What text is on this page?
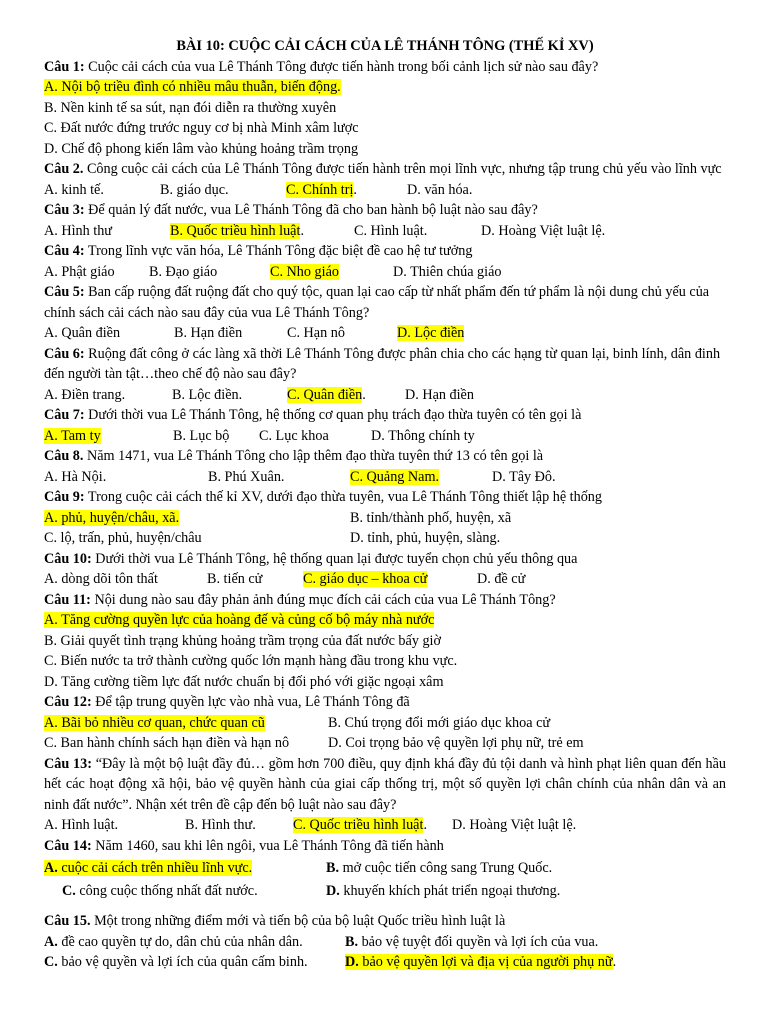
BÀI 10: CUỘC CẢI CÁCH CỦA LÊ THÁNH TÔNG (THẾ KỈ XV)
Câu 1: Cuộc cải cách của vua Lê Thánh Tông được tiến hành trong bối cảnh lịch sử nào sau đây?
A. Nội bộ triều đình có nhiều mâu thuẫn, biến động.
B. Nền kinh tế sa sút, nạn đói diễn ra thường xuyên
C. Đất nước đứng trước nguy cơ bị nhà Minh xâm lược
D. Chế độ phong kiến lâm vào khủng hoảng trầm trọng
Câu 2. Công cuộc cải cách của Lê Thánh Tông được tiến hành trên mọi lĩnh vực, nhưng tập trung chủ yếu vào lĩnh vực
A. kinh tế.	B. giáo dục.	C. Chính trị.	D. văn hóa.
Câu 3: Để quản lý đất nước, vua Lê Thánh Tông đã cho ban hành bộ luật nào sau đây?
A. Hình thư	B. Quốc triều hình luật.	C. Hình luật.	D. Hoàng Việt luật lệ.
Câu 4: Trong lĩnh vực văn hóa, Lê Thánh Tông đặc biệt đề cao hệ tư tưởng
A. Phật giáo	B. Đạo giáo	C. Nho giáo	D. Thiên chúa giáo
Câu 5: Ban cấp ruộng đất ruộng đất cho quý tộc, quan lại cao cấp từ nhất phẩm đến tứ phẩm là nội dung chủ yếu của chính sách cải cách nào sau đây của vua Lê Thánh Tông?
A. Quân điền	B. Hạn điền	C. Hạn nô	D. Lộc điền
Câu 6: Ruộng đất công ở các làng xã thời Lê Thánh Tông được phân chia cho các hạng từ quan lại, binh lính, dân đinh đến người tàn tật…theo chế độ nào sau đây?
A. Điền trang.	B. Lộc điền.	C. Quân điền.	D. Hạn điền
Câu 7: Dưới thời vua Lê Thánh Tông, hệ thống cơ quan phụ trách đạo thừa tuyên có tên gọi là
A. Tam ty	B. Lục bộ	C. Lục khoa	D. Thông chính ty
Câu 8. Năm 1471, vua Lê Thánh Tông cho lập thêm đạo thừa tuyên thứ 13 có tên gọi là
A. Hà Nội.	B. Phú Xuân.	C. Quảng Nam.	D. Tây Đô.
Câu 9: Trong cuộc cải cách thế kỉ XV, dưới đạo thừa tuyên, vua Lê Thánh Tông thiết lập hệ thống
A. phủ, huyện/châu, xã.	B. tỉnh/thành phố, huyện, xã
C. lộ, trấn, phủ, huyện/châu	D. tỉnh, phủ, huyện, slàng.
Câu 10: Dưới thời vua Lê Thánh Tông, hệ thống quan lại được tuyển chọn chủ yếu thông qua
A. dòng dõi tôn thất	B. tiến cử	C. giáo dục – khoa cử	D. đề cử
Câu 11: Nội dung nào sau đây phản ảnh đúng mục đích cải cách của vua Lê Thánh Tông?
A. Tăng cường quyền lực của hoàng đế và củng cố bộ máy nhà nước
B. Giải quyết tình trạng khủng hoảng trầm trọng của đất nước bấy giờ
C. Biến nước ta trở thành cường quốc lớn mạnh hàng đầu trong khu vực.
D. Tăng cường tiềm lực đất nước chuẩn bị đối phó với giặc ngoại xâm
Câu 12: Để tập trung quyền lực vào nhà vua, Lê Thánh Tông đã
A. Bãi bỏ nhiều cơ quan, chức quan cũ	B. Chú trọng đổi mới giáo dục khoa cử
C. Ban hành chính sách hạn điền và hạn nô	D. Coi trọng bảo vệ quyền lợi phụ nữ, trẻ em
Câu 13: “Đây là một bộ luật đầy đủ… gồm hơn 700 điều, quy định khá đầy đủ tội danh và hình phạt liên quan đến hầu hết các hoạt động xã hội, bảo vệ quyền hành của giai cấp thống trị, một số quyền lợi chân chính của nhân dân và an ninh đất nước”. Nhận xét trên đề cập đến bộ luật nào sau đây?
A. Hình luật.	B. Hình thư.	C. Quốc triều hình luật.	D. Hoàng Việt luật lệ.
Câu 14: Năm 1460, sau khi lên ngôi, vua Lê Thánh Tông đã tiến hành
A. cuộc cải cách trên nhiều lĩnh vực.	B. mở cuộc tiến công sang Trung Quốc.
C. công cuộc thống nhất đất nước.	D. khuyến khích phát triển ngoại thương.
Câu 15. Một trong những điểm mới và tiến bộ của bộ luật Quốc triều hình luật là
A. đề cao quyền tự do, dân chủ của nhân dân.	B. bảo vệ tuyệt đối quyền và lợi ích của vua.
C. bảo vệ quyền và lợi ích của quân cấm binh.	D. bảo vệ quyền lợi và địa vị của người phụ nữ.
